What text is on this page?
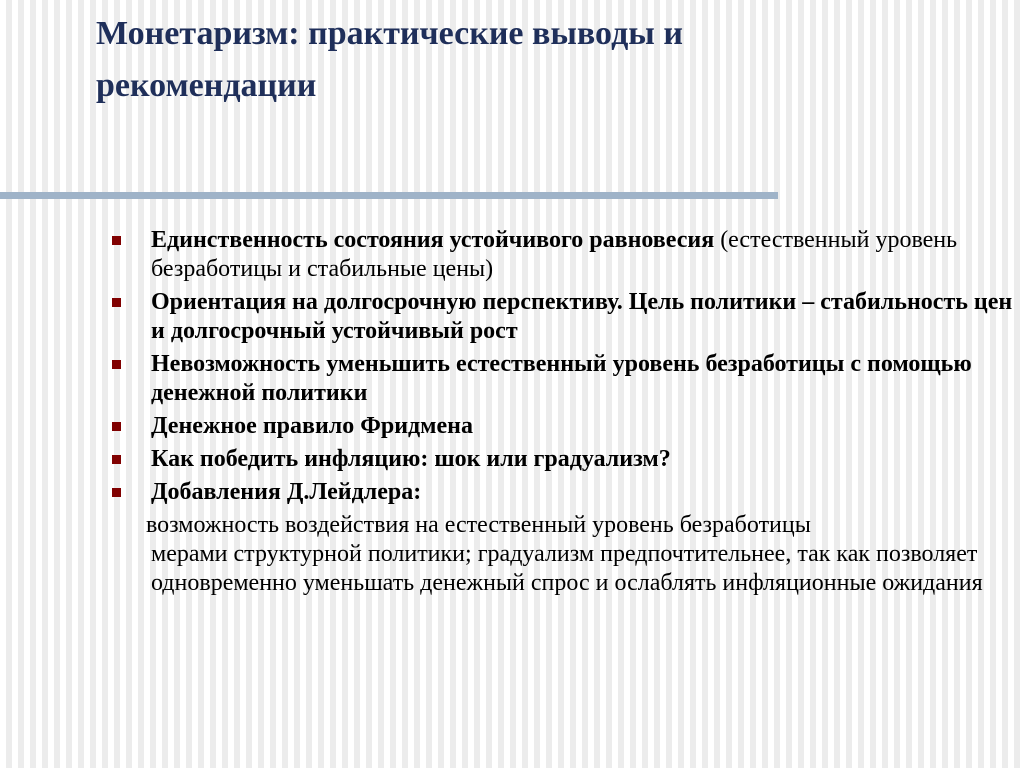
Монетаризм: практические выводы и
рекомендации
Единственность состояния устойчивого равновесия (естественный уровень безработицы и стабильные цены)
Ориентация на долгосрочную перспективу. Цель политики – стабильность цен и долгосрочный устойчивый рост
Невозможность уменьшить естественный уровень безработицы с помощью денежной политики
Денежное правило Фридмена
Как победить инфляцию: шок или градуализм?
Добавления Д.Лейдлера:
возможность воздействия на естественный уровень безработицы
мерами структурной политики; градуализм предпочтительнее, так как позволяет одновременно уменьшать денежный спрос и ослаблять инфляционные ожидания
